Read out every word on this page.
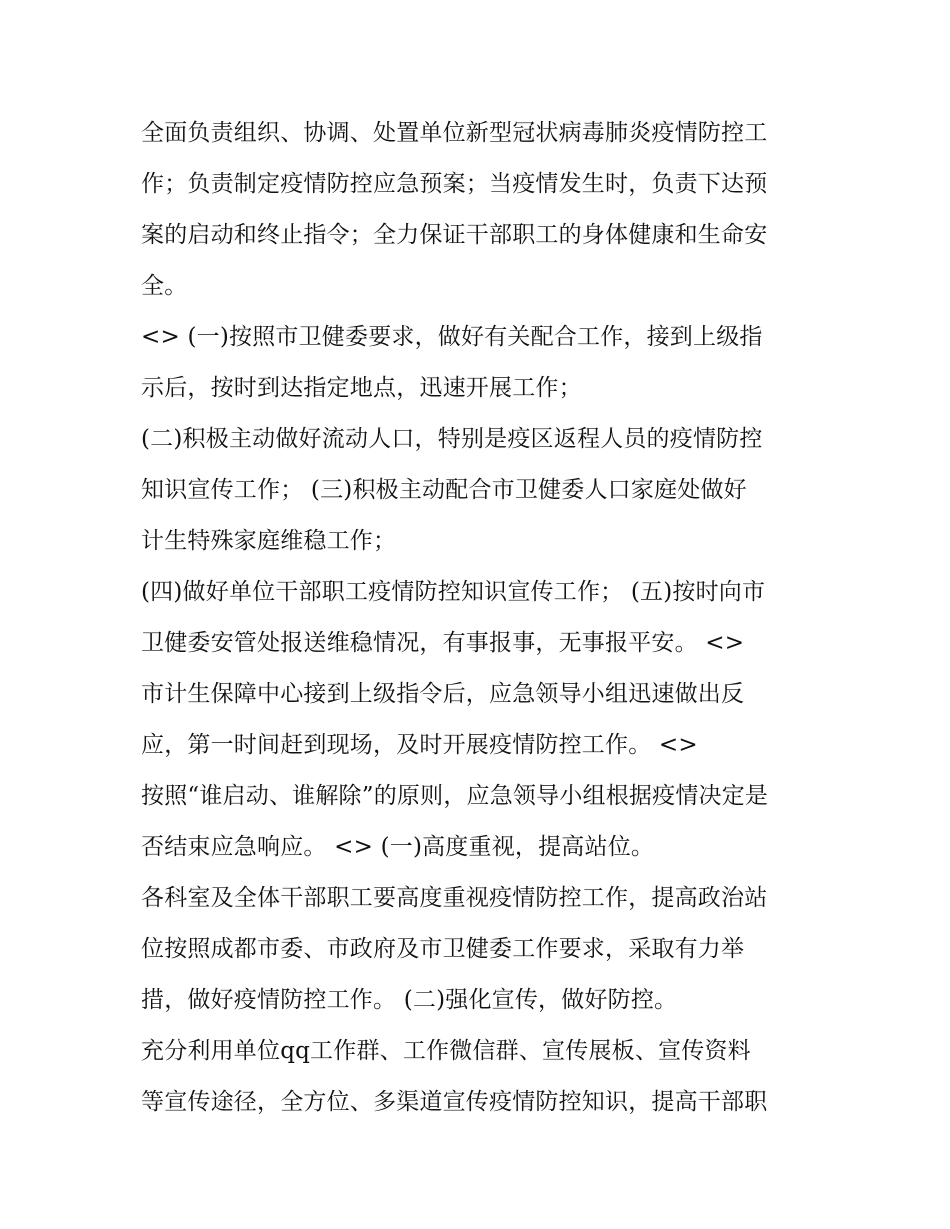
全面负责组织、协调、处置单位新型冠状病毒肺炎疫情防控工
作；负责制定疫情防控应急预案；当疫情发生时，负责下达预
案的启动和终止指令；全力保证干部职工的身体健康和生命安
全。
<> (一)按照市卫健委要求，做好有关配合工作，接到上级指
示后，按时到达指定地点，迅速开展工作；
(二)积极主动做好流动人口，特别是疫区返程人员的疫情防控
知识宣传工作； (三)积极主动配合市卫健委人口家庭处做好
计生特殊家庭维稳工作；
(四)做好单位干部职工疫情防控知识宣传工作； (五)按时向市
卫健委安管处报送维稳情况，有事报事，无事报平安。 <>
市计生保障中心接到上级指令后，应急领导小组迅速做出反
应，第一时间赶到现场，及时开展疫情防控工作。 <>
按照“谁启动、谁解除”的原则，应急领导小组根据疫情决定是
否结束应急响应。 <> (一)高度重视，提高站位。
各科室及全体干部职工要高度重视疫情防控工作，提高政治站
位按照成都市委、市政府及市卫健委工作要求，采取有力举
措，做好疫情防控工作。 (二)强化宣传，做好防控。
充分利用单位qq工作群、工作微信群、宣传展板、宣传资料
等宣传途径，全方位、多渠道宣传疫情防控知识，提高干部职
